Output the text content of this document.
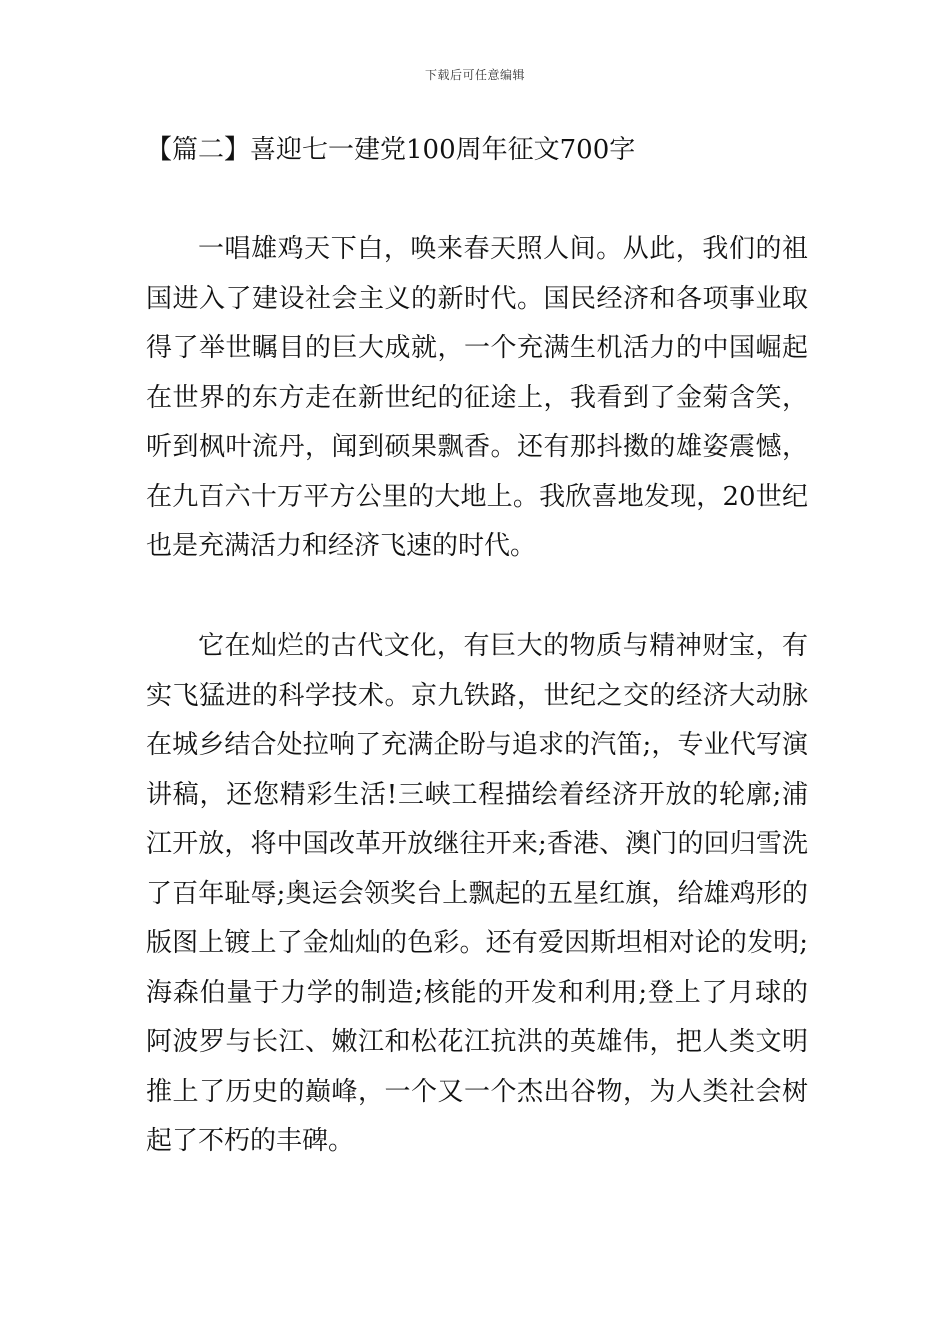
下载后可任意编辑
【篇二】喜迎七一建党100周年征文700字

一唱雄鸡天下白，唤来春天照人间。从此，我们的祖国进入了建设社会主义的新时代。国民经济和各项事业取得了举世瞩目的巨大成就，一个充满生机活力的中国崛起在世界的东方走在新世纪的征途上，我看到了金菊含笑，听到枫叶流丹，闻到硕果飘香。还有那抖擞的雄姿震憾，在九百六十万平方公里的大地上。我欣喜地发现，20世纪也是充满活力和经济飞速的时代。

它在灿烂的古代文化，有巨大的物质与精神财宝，有实飞猛进的科学技术。京九铁路，世纪之交的经济大动脉在城乡结合处拉响了充满企盼与追求的汽笛;，专业代写演讲稿，还您精彩生活!三峡工程描绘着经济开放的轮廓;浦江开放，将中国改革开放继往开来;香港、澳门的回归雪洗了百年耻辱;奥运会领奖台上飘起的五星红旗，给雄鸡形的版图上镀上了金灿灿的色彩。还有爱因斯坦相对论的发明;海森伯量于力学的制造;核能的开发和利用;登上了月球的阿波罗与长江、嫩江和松花江抗洪的英雄伟，把人类文明推上了历史的巅峰，一个又一个杰出谷物，为人类社会树起了不朽的丰碑。
